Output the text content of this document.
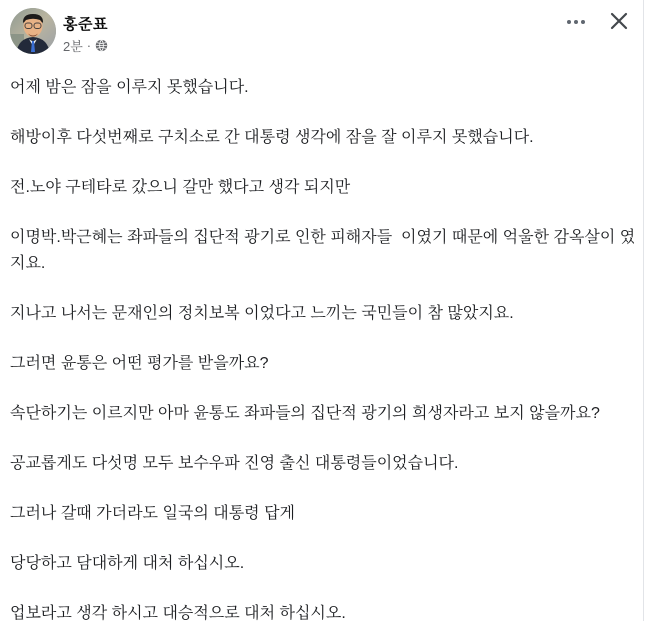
홍준표
2분 ·

어제 밤은 잠을 이루지 못했습니다.

해방이후 다섯번째로 구치소로 간 대통령 생각에 잠을 잘 이루지 못했습니다.

전.노야 구테타로 갔으니 갈만 했다고 생각 되지만

이명박.박근혜는 좌파들의 집단적 광기로 인한 피해자들  이였기 때문에 억울한 감옥살이 였지요.

지나고 나서는 문재인의 정치보복 이었다고 느끼는 국민들이 참 많았지요.

그러면 윤통은 어떤 평가를 받을까요?

속단하기는 이르지만 아마 윤통도 좌파들의 집단적 광기의 희생자라고 보지 않을까요?

공교롭게도 다섯명 모두 보수우파 진영 출신 대통령들이었습니다.

그러나 갈때 가더라도 일국의 대통령 답게

당당하고 담대하게 대처 하십시오.

업보라고 생각 하시고 대승적으로 대처 하십시오.
